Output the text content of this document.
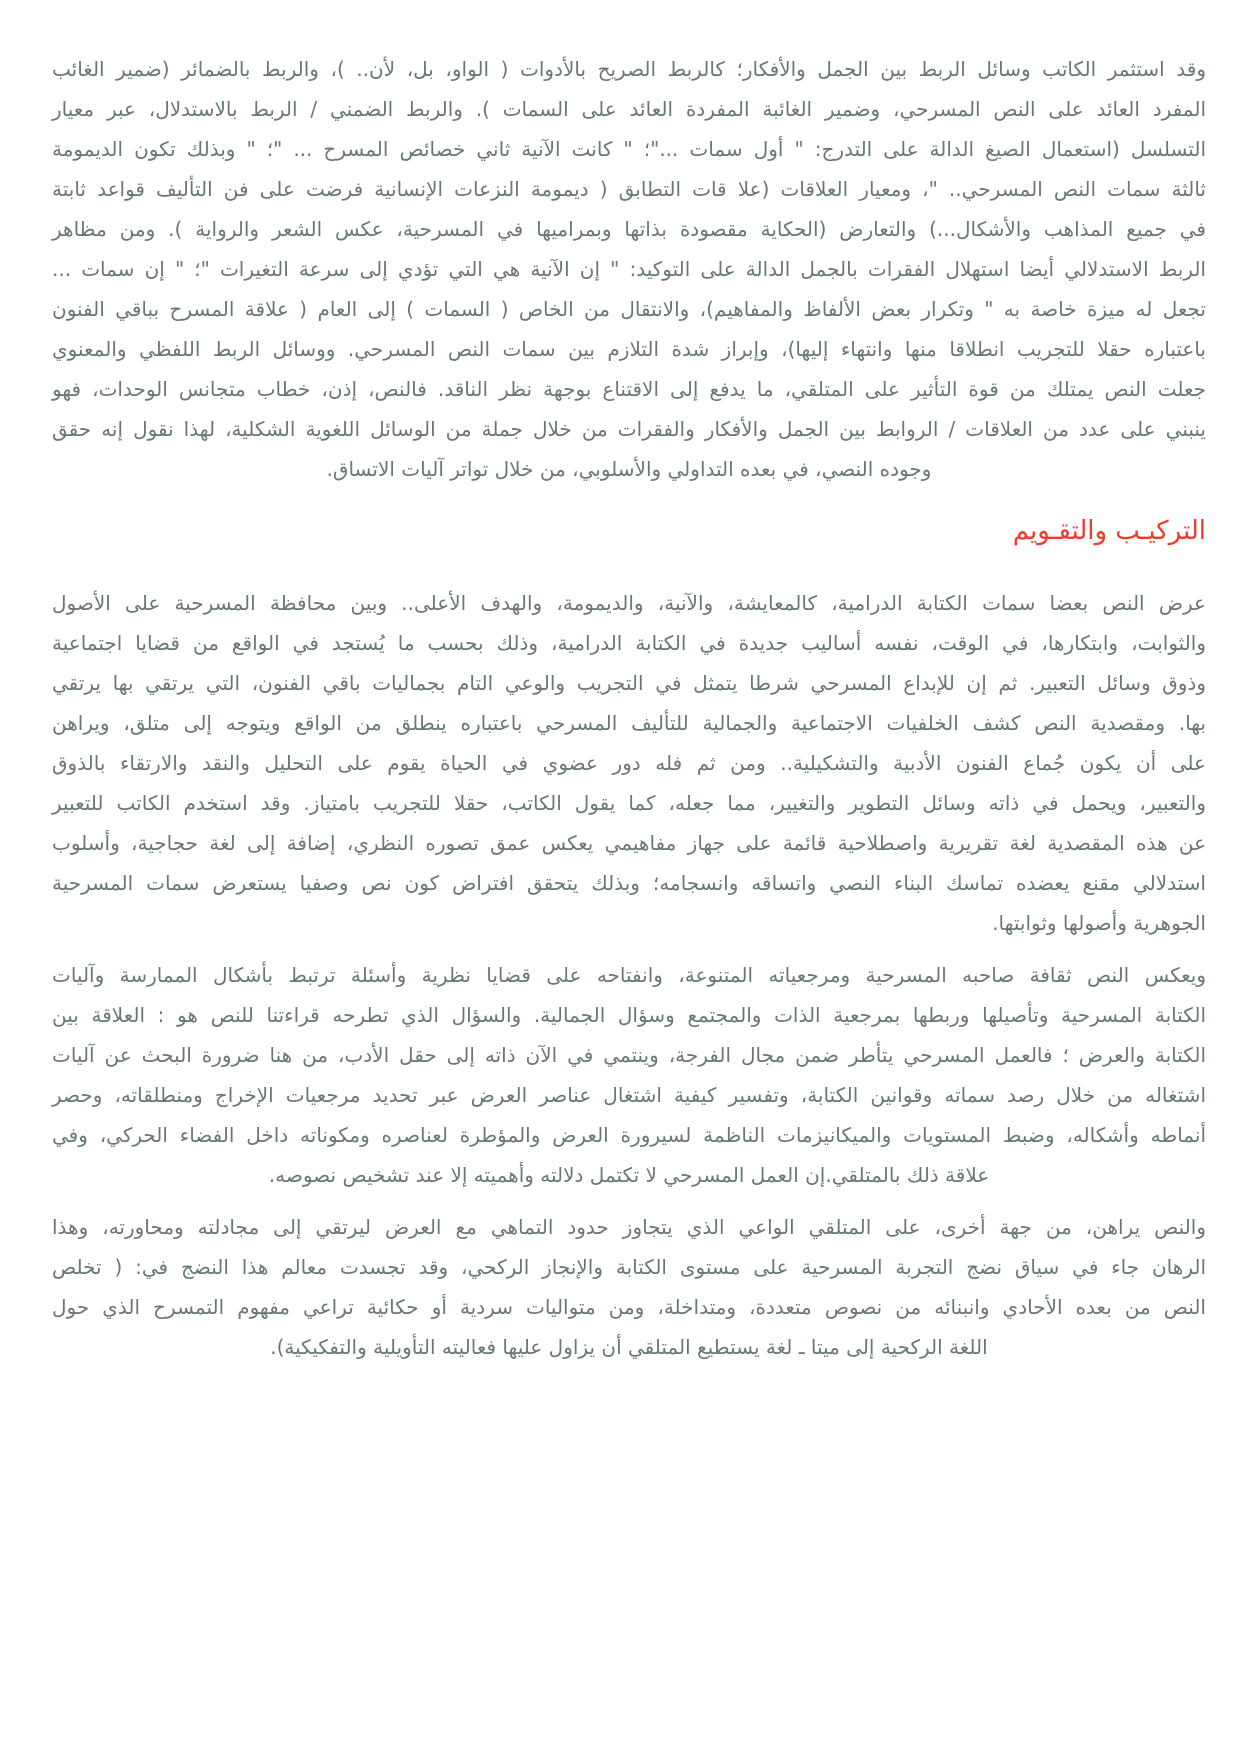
وقد استثمر الكاتب وسائل الربط بين الجمل والأفكار؛ كالربط الصريح بالأدوات ( الواو، بل، لأن.. )، والربط بالضمائر (ضمير الغائب
المفرد العائد على النص المسرحي، وضمير الغائبة المفردة العائد على السمات ). والربط الضمني / الربط بالاستدلال، عبر معيار
التسلسل (استعمال الصيغ الدالة على التدرج: " أول سمات ..."؛ " كانت الآنية ثاني خصائص المسرح ... "؛ " وبذلك تكون الديمومة
ثالثة سمات النص المسرحي.. "، ومعيار العلاقات (علا قات التطابق ( ديمومة النزعات الإنسانية فرضت على فن التأليف قواعد ثابتة
في جميع المذاهب والأشكال...) والتعارض (الحكاية مقصودة بذاتها وبمراميها في المسرحية، عكس الشعر والرواية ). ومن مظاهر
الربط الاستدلالي أيضا استهلال الفقرات بالجمل الدالة على التوكيد: " إن الآنية هي التي تؤدي إلى سرعة التغيرات "؛ " إن سمات ...
تجعل له ميزة خاصة به " وتكرار بعض الألفاظ والمفاهيم)، والانتقال من الخاص ( السمات ) إلى العام ( علاقة المسرح بباقي الفنون
باعتباره حقلا للتجريب انطلاقا منها وانتهاء إليها)، وإبراز شدة التلازم بين سمات النص المسرحي. ووسائل الربط اللفظي والمعنوي
جعلت النص يمتلك من قوة التأثير على المتلقي، ما يدفع إلى الاقتناع بوجهة نظر الناقد. فالنص، إذن، خطاب متجانس الوحدات، فهو
ينبني على عدد من العلاقات / الروابط بين الجمل والأفكار والفقرات من خلال جملة من الوسائل اللغوية الشكلية، لهذا نقول إنه حقق
وجوده النصي، في بعده التداولي والأسلوبي، من خلال تواتر آليات الاتساق.
التركيـب والتقـويم
عرض النص بعضا سمات الكتابة الدرامية، كالمعايشة، والآنية، والديمومة، والهدف الأعلى.. وبين محافظة المسرحية على الأصول
والثوابت، وابتكارها، في الوقت، نفسه أساليب جديدة في الكتابة الدرامية، وذلك بحسب ما يُستجد في الواقع من قضايا اجتماعية
وذوق وسائل التعبير. ثم إن للإبداع المسرحي شرطا يتمثل في التجريب والوعي التام بجماليات باقي الفنون، التي يرتقي بها يرتقي
بها. ومقصدية النص كشف الخلفيات الاجتماعية والجمالية للتأليف المسرحي باعتباره ينطلق من الواقع ويتوجه إلى متلق، ويراهن
على أن يكون جُماع الفنون الأدبية والتشكيلية.. ومن ثم فله دور عضوي في الحياة يقوم على التحليل والنقد والارتقاء بالذوق
والتعبير، ويحمل في ذاته وسائل التطوير والتغيير، مما جعله، كما يقول الكاتب، حقلا للتجريب بامتياز. وقد استخدم الكاتب للتعبير
عن هذه المقصدية لغة تقريرية واصطلاحية قائمة على جهاز مفاهيمي يعكس عمق تصوره النظري، إضافة إلى لغة حجاجية، وأسلوب
استدلالي مقنع يعضده تماسك البناء النصي واتساقه وانسجامه؛ وبذلك يتحقق افتراض كون نص وصفيا يستعرض سمات المسرحية
الجوهرية وأصولها وثوابتها.
ويعكس النص ثقافة صاحبه المسرحية ومرجعياته المتنوعة، وانفتاحه على قضايا نظرية وأسئلة ترتبط بأشكال الممارسة وآليات
الكتابة المسرحية وتأصيلها وربطها بمرجعية الذات والمجتمع وسؤال الجمالية. والسؤال الذي تطرحه قراءتنا للنص هو : العلاقة بين
الكتابة والعرض ؛ فالعمل المسرحي يتأطر ضمن مجال الفرجة، وينتمي في الآن ذاته إلى حقل الأدب، من هنا ضرورة البحث عن آليات
اشتغاله من خلال رصد سماته وقوانين الكتابة، وتفسير كيفية اشتغال عناصر العرض عبر تحديد مرجعيات الإخراج ومنطلقاته، وحصر
أنماطه وأشكاله، وضبط المستويات والميكانيزمات الناظمة لسيرورة العرض والمؤطرة لعناصره ومكوناته داخل الفضاء الحركي، وفي
علاقة ذلك بالمتلقي.إن العمل المسرحي لا تكتمل دلالته وأهميته إلا عند تشخيص نصوصه.
والنص يراهن، من جهة أخرى، على المتلقي الواعي الذي يتجاوز حدود التماهي مع العرض ليرتقي إلى مجادلته ومحاورته، وهذا
الرهان جاء في سياق نضج التجربة المسرحية على مستوى الكتابة والإنجاز الركحي، وقد تجسدت معالم هذا النضج في: ( تخلص
النص من بعده الأحادي وانبنائه من نصوص متعددة، ومتداخلة، ومن متواليات سردية أو حكائية تراعي مفهوم التمسرح الذي حول
اللغة الركحية إلى ميتا ـ لغة يستطيع المتلقي أن يزاول عليها فعاليته التأويلية والتفكيكية).
